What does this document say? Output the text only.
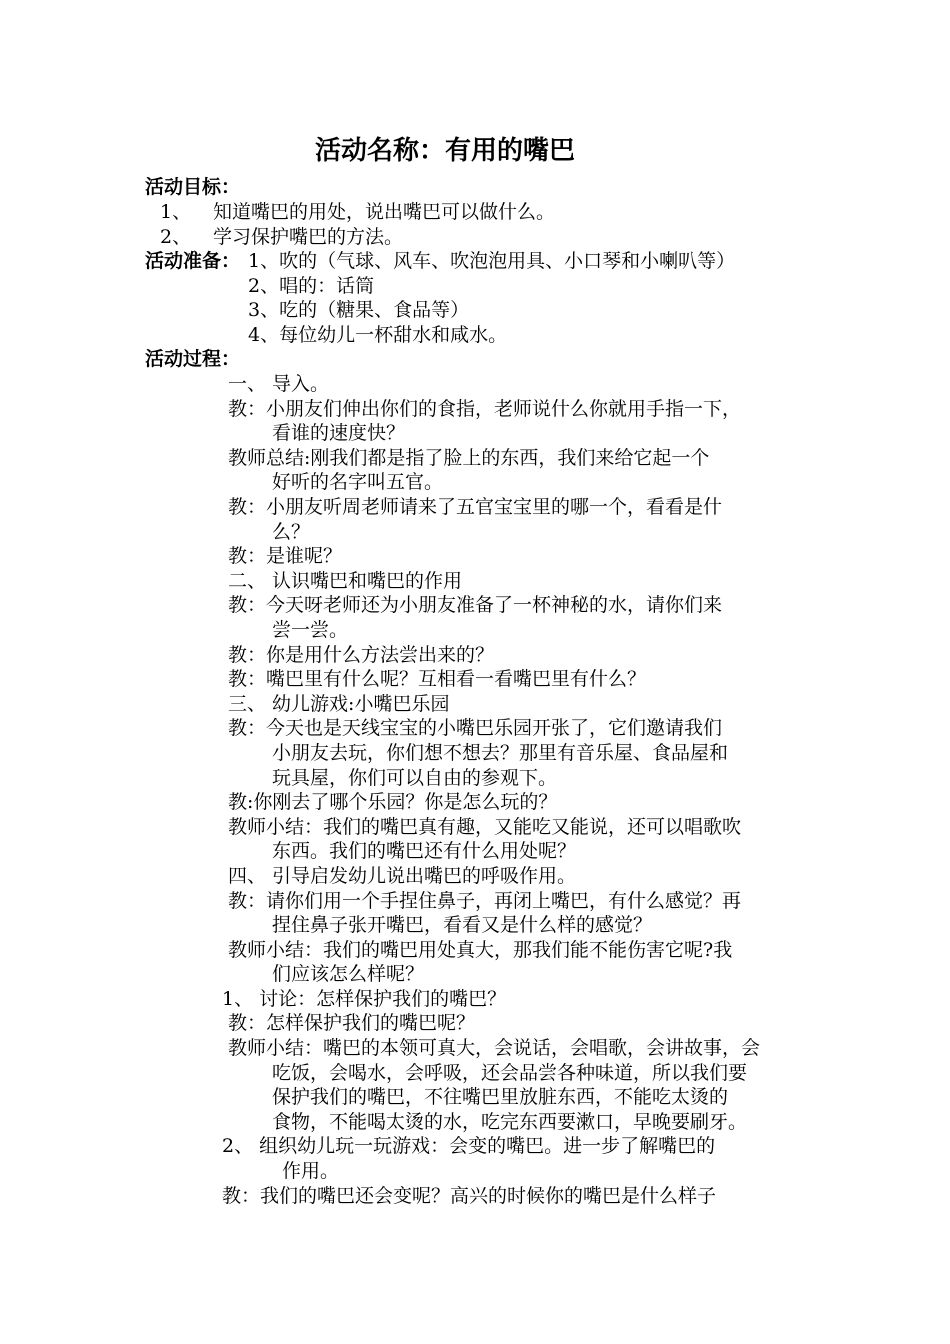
活动名称：有用的嘴巴
活动目标：
1、 知道嘴巴的用处，说出嘴巴可以做什么。
2、 学习保护嘴巴的方法。
活动准备： 1、吹的（气球、风车、吹泡泡用具、小口琴和小喇叭等）
2、唱的：话筒
3、吃的（糖果、食品等）
4、每位幼儿一杯甜水和咸水。
活动过程：
一、 导入。
教：小朋友们伸出你们的食指，老师说什么你就用手指一下，
看谁的速度快？
教师总结:刚我们都是指了脸上的东西，我们来给它起一个
好听的名字叫五官。
教：小朋友听周老师请来了五官宝宝里的哪一个，看看是什
么？
教：是谁呢？
二、 认识嘴巴和嘴巴的作用
教：今天呀老师还为小朋友准备了一杯神秘的水，请你们来
尝一尝。
教：你是用什么方法尝出来的？
教：嘴巴里有什么呢？互相看一看嘴巴里有什么？
三、 幼儿游戏:小嘴巴乐园
教：今天也是天线宝宝的小嘴巴乐园开张了，它们邀请我们
小朋友去玩，你们想不想去？那里有音乐屋、食品屋和
玩具屋，你们可以自由的参观下。
教:你刚去了哪个乐园？你是怎么玩的？
教师小结：我们的嘴巴真有趣，又能吃又能说，还可以唱歌吹
东西。我们的嘴巴还有什么用处呢？
四、 引导启发幼儿说出嘴巴的呼吸作用。
教：请你们用一个手捏住鼻子，再闭上嘴巴，有什么感觉？再
捏住鼻子张开嘴巴，看看又是什么样的感觉？
教师小结：我们的嘴巴用处真大，那我们能不能伤害它呢?我
们应该怎么样呢？
1、 讨论：怎样保护我们的嘴巴？
教：怎样保护我们的嘴巴呢？
教师小结：嘴巴的本领可真大，会说话，会唱歌，会讲故事，会
吃饭，会喝水，会呼吸，还会品尝各种味道，所以我们要
保护我们的嘴巴，不往嘴巴里放脏东西，不能吃太烫的
食物，不能喝太烫的水，吃完东西要漱口，早晚要刷牙。
2、 组织幼儿玩一玩游戏：会变的嘴巴。进一步了解嘴巴的
作用。
教：我们的嘴巴还会变呢？高兴的时候你的嘴巴是什么样子
